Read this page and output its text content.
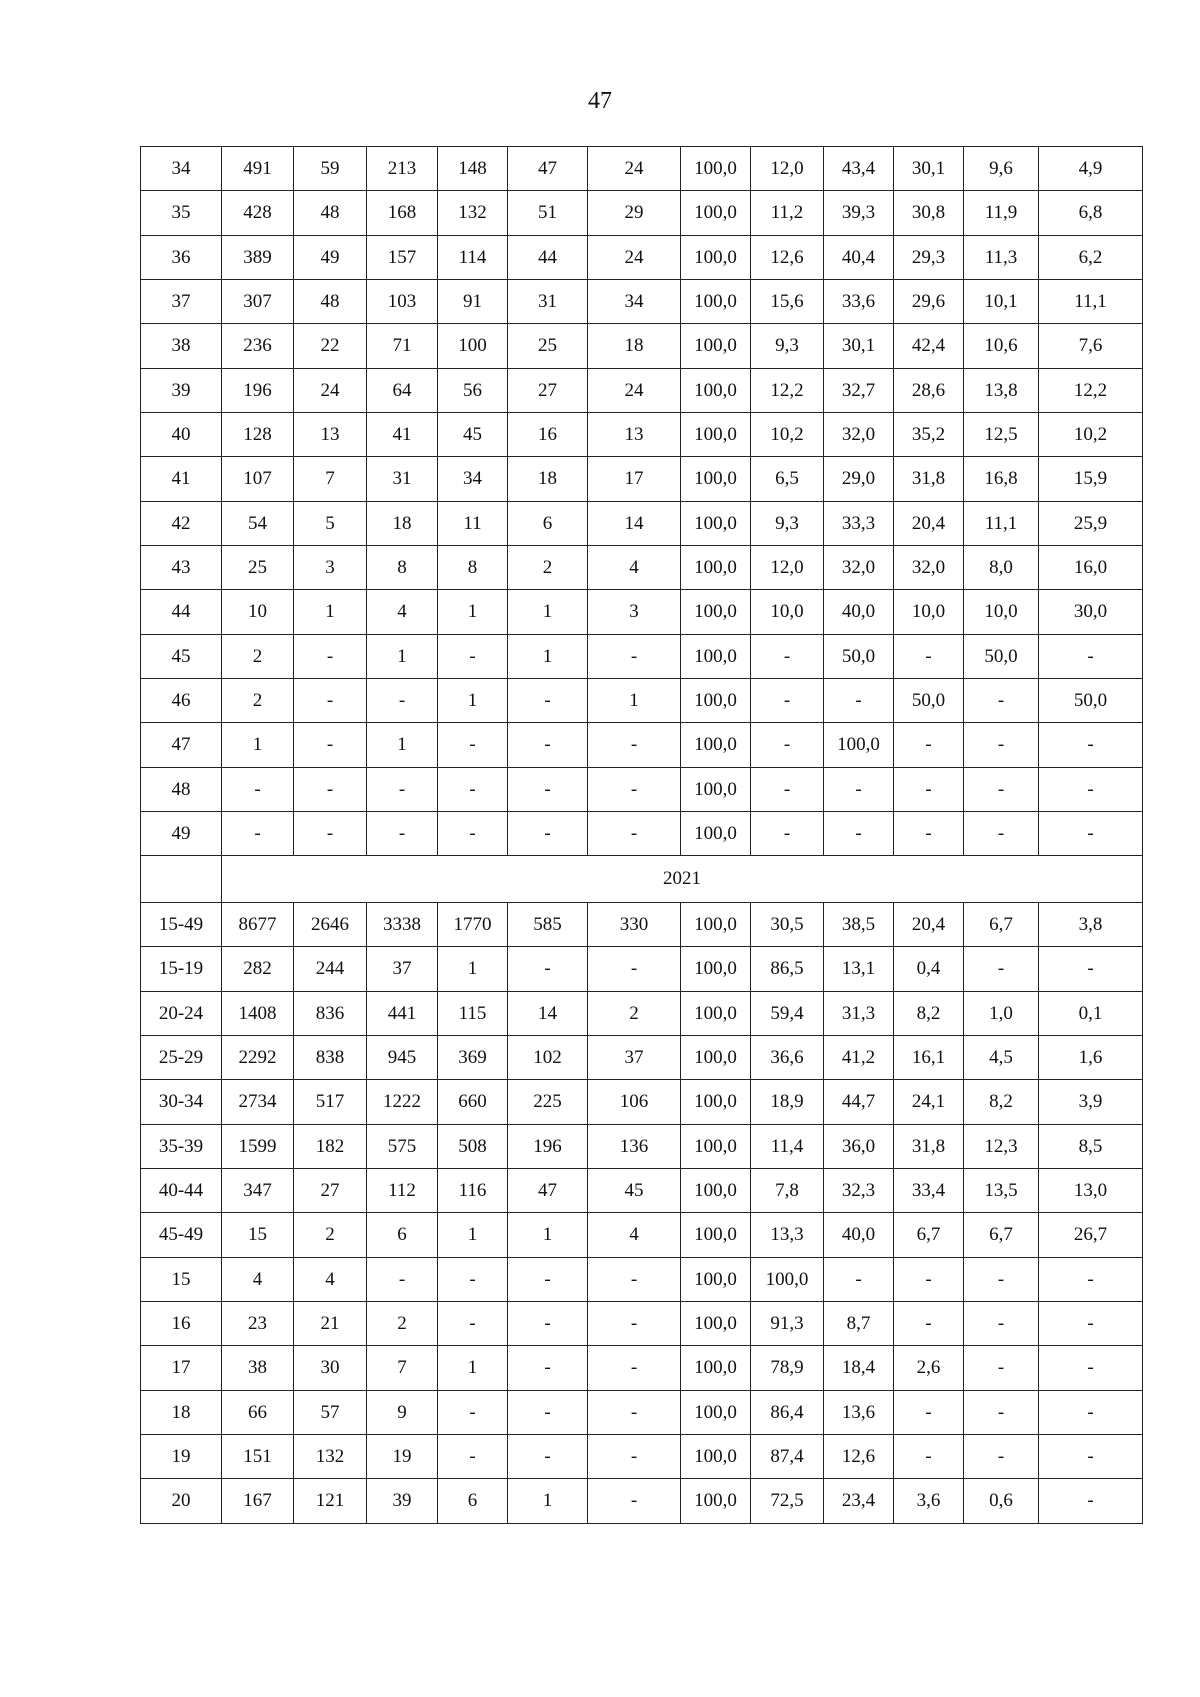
47
34	491	59	213	148	47	24	100,0	12,0	43,4	30,1	9,6	4,9
35	428	48	168	132	51	29	100,0	11,2	39,3	30,8	11,9	6,8
36	389	49	157	114	44	24	100,0	12,6	40,4	29,3	11,3	6,2
37	307	48	103	91	31	34	100,0	15,6	33,6	29,6	10,1	11,1
38	236	22	71	100	25	18	100,0	9,3	30,1	42,4	10,6	7,6
39	196	24	64	56	27	24	100,0	12,2	32,7	28,6	13,8	12,2
40	128	13	41	45	16	13	100,0	10,2	32,0	35,2	12,5	10,2
41	107	7	31	34	18	17	100,0	6,5	29,0	31,8	16,8	15,9
42	54	5	18	11	6	14	100,0	9,3	33,3	20,4	11,1	25,9
43	25	3	8	8	2	4	100,0	12,0	32,0	32,0	8,0	16,0
44	10	1	4	1	1	3	100,0	10,0	40,0	10,0	10,0	30,0
45	2	-	1	-	1	-	100,0	-	50,0	-	50,0	-
46	2	-	-	1	-	1	100,0	-	-	50,0	-	50,0
47	1	-	1	-	-	-	100,0	-	100,0	-	-	-
48	-	-	-	-	-	-	100,0	-	-	-	-	-
49	-	-	-	-	-	-	100,0	-	-	-	-	-
	2021											
15-49	8677	2646	3338	1770	585	330	100,0	30,5	38,5	20,4	6,7	3,8
15-19	282	244	37	1	-	-	100,0	86,5	13,1	0,4	-	-
20-24	1408	836	441	115	14	2	100,0	59,4	31,3	8,2	1,0	0,1
25-29	2292	838	945	369	102	37	100,0	36,6	41,2	16,1	4,5	1,6
30-34	2734	517	1222	660	225	106	100,0	18,9	44,7	24,1	8,2	3,9
35-39	1599	182	575	508	196	136	100,0	11,4	36,0	31,8	12,3	8,5
40-44	347	27	112	116	47	45	100,0	7,8	32,3	33,4	13,5	13,0
45-49	15	2	6	1	1	4	100,0	13,3	40,0	6,7	6,7	26,7
15	4	4	-	-	-	-	100,0	100,0	-	-	-	-
16	23	21	2	-	-	-	100,0	91,3	8,7	-	-	-
17	38	30	7	1	-	-	100,0	78,9	18,4	2,6	-	-
18	66	57	9	-	-	-	100,0	86,4	13,6	-	-	-
19	151	132	19	-	-	-	100,0	87,4	12,6	-	-	-
20	167	121	39	6	1	-	100,0	72,5	23,4	3,6	0,6	-
